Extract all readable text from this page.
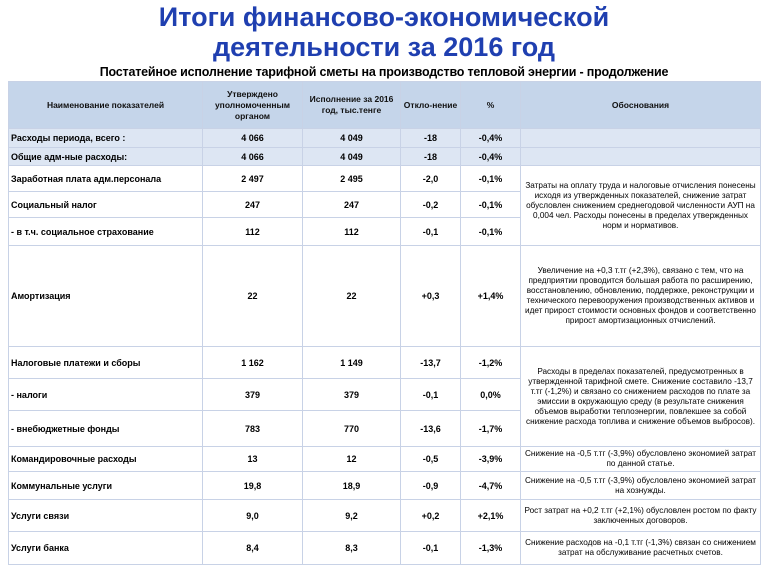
Итоги финансово-экономической
деятельности за 2016 год
Постатейное исполнение тарифной сметы на производство тепловой энергии - продолжение
Наименование показателей	Утверждено уполномоченным органом	Исполнение за 2016 год, тыс.тенге	Откло-нение	%	Обоснования
Расходы периода, всего :	4 066	4 049	-18	-0,4%	
Общие адм-ные расходы:	4 066	4 049	-18	-0,4%	
Заработная плата адм.персонала	2 497	2 495	-2,0	-0,1%	Затраты на оплату труда и налоговые отчисления понесены исходя из утвержденных показателей, снижение затрат обусловлен снижением среднегодовой численности АУП на 0,004 чел. Расходы понесены в пределах утвержденных норм и нормативов.
Социальный налог	247	247	-0,2	-0,1%	
- в т.ч. социальное страхование	112	112	-0,1	-0,1%	
Амортизация	22	22	+0,3	+1,4%	Увеличение на +0,3 т.тг (+2,3%), связано с тем, что на предприятии проводится большая работа по расширению, восстановлению, обновлению, поддержке, реконструкции и технического перевооружения производственных активов и идет прирост стоимости основных фондов и соответственно прирост амортизационных отчислений.
Налоговые платежи и сборы	1 162	1 149	-13,7	-1,2%	Расходы в пределах показателей, предусмотренных в утвержденной тарифной смете. Снижение составило -13,7 т.тг (-1,2%) и связано со снижением расходов по плате за эмиссии в окружающую среду (в результате снижения объемов выработки теплоэнергии, повлекшее за собой снижение расхода топлива и снижение объемов выбросов).
- налоги	379	379	-0,1	0,0%	
- внебюджетные фонды	783	770	-13,6	-1,7%	
Командировочные расходы	13	12	-0,5	-3,9%	Снижение на -0,5 т.тг (-3,9%) обусловлено экономией затрат по данной статье.
Коммунальные услуги	19,8	18,9	-0,9	-4,7%	Снижение на -0,5 т.тг (-3,9%) обусловлено экономией затрат на хознужды.
Услуги связи	9,0	9,2	+0,2	+2,1%	Рост затрат на +0,2 т.тг (+2,1%) обусловлен ростом по факту заключенных договоров.
Услуги банка	8,4	8,3	-0,1	-1,3%	Снижение расходов на -0,1 т.тг (-1,3%) связан со снижением затрат на обслуживание расчетных счетов.
